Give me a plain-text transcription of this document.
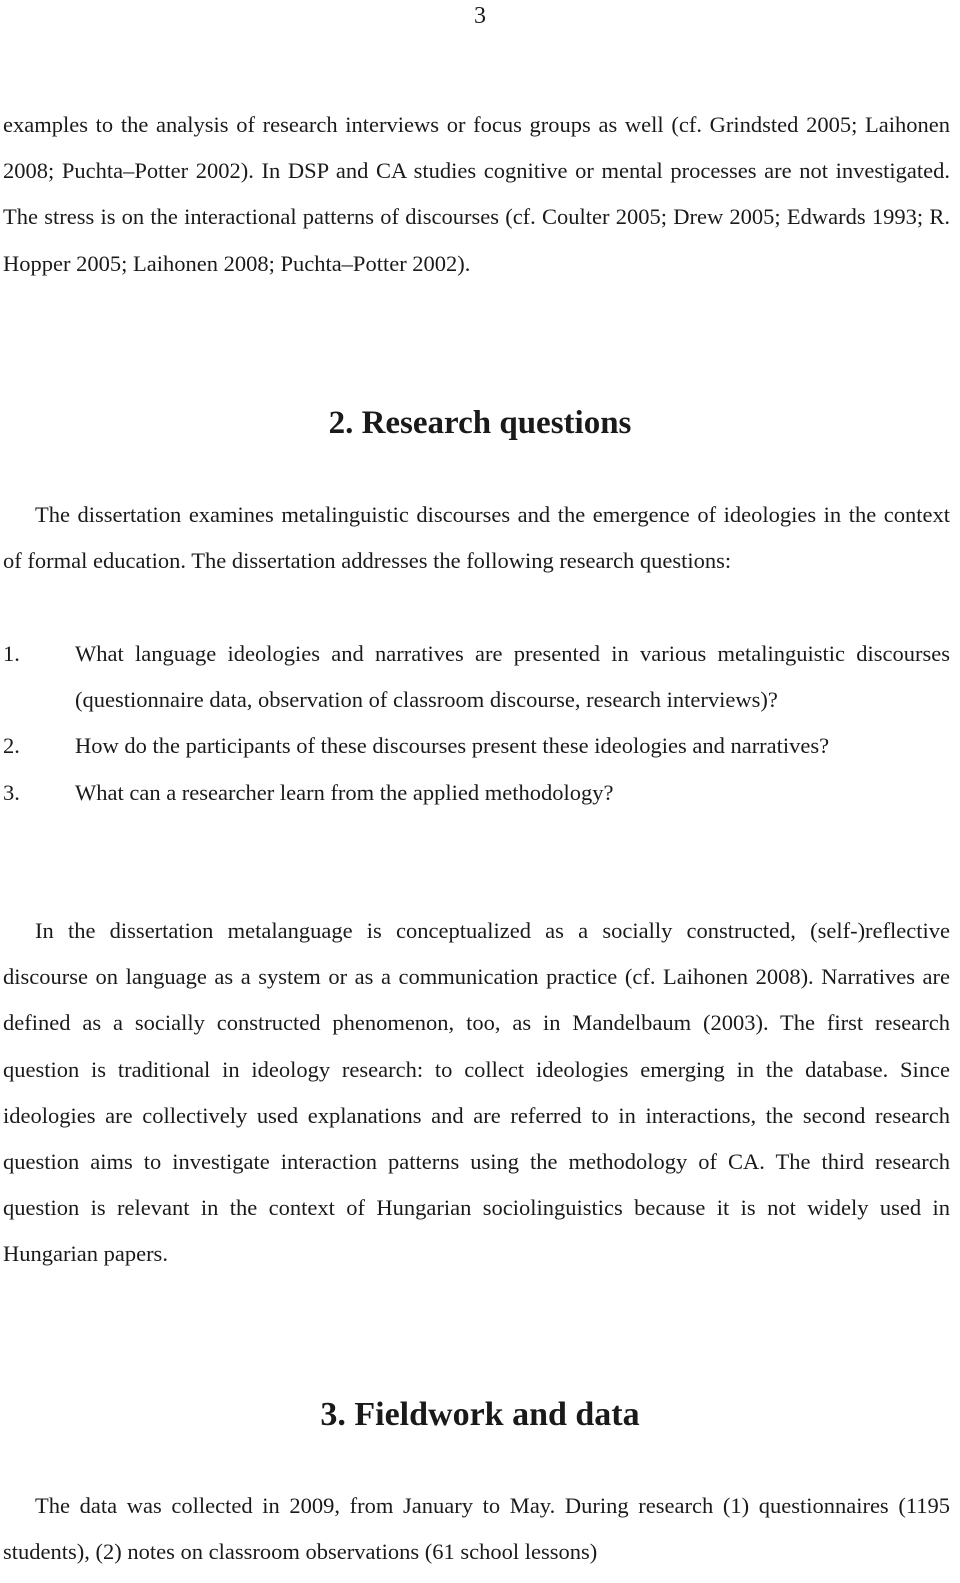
3

examples to the analysis of research interviews or focus groups as well (cf. Grindsted 2005; Laihonen 2008; Puchta–Potter 2002). In DSP and CA studies cognitive or mental processes are not investigated. The stress is on the interactional patterns of discourses (cf. Coulter 2005; Drew 2005; Edwards 1993; R. Hopper 2005; Laihonen 2008; Puchta–Potter 2002).

2. Research questions

The dissertation examines metalinguistic discourses and the emergence of ideologies in the context of formal education. The dissertation addresses the following research questions:

1. What language ideologies and narratives are presented in various metalinguistic discourses (questionnaire data, observation of classroom discourse, research interviews)?
2. How do the participants of these discourses present these ideologies and narratives?
3. What can a researcher learn from the applied methodology?

In the dissertation metalanguage is conceptualized as a socially constructed, (self-)reflective discourse on language as a system or as a communication practice (cf. Laihonen 2008). Narratives are defined as a socially constructed phenomenon, too, as in Mandelbaum (2003). The first research question is traditional in ideology research: to collect ideologies emerging in the database. Since ideologies are collectively used explanations and are referred to in interactions, the second research question aims to investigate interaction patterns using the methodology of CA. The third research question is relevant in the context of Hungarian sociolinguistics because it is not widely used in Hungarian papers.

3. Fieldwork and data

The data was collected in 2009, from January to May. During research (1) questionnaires (1195 students), (2) notes on classroom observations (61 school lessons)
